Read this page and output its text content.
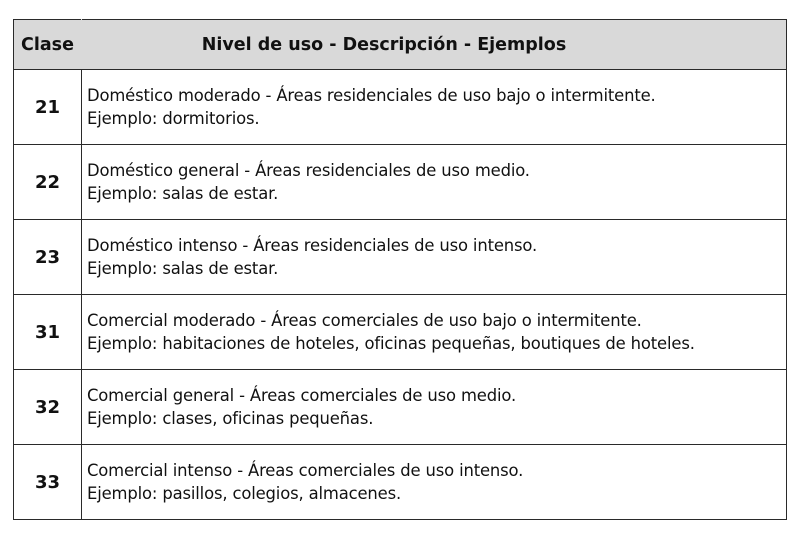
Clase	Nivel de uso - Descripción - Ejemplos
21	Doméstico moderado - Áreas residenciales de uso bajo o intermitente.
Ejemplo: dormitorios.

22	Doméstico general - Áreas residenciales de uso medio.
Ejemplo: salas de estar.

23	Doméstico intenso - Áreas residenciales de uso intenso.
Ejemplo: salas de estar.

31	Comercial moderado - Áreas comerciales de uso bajo o intermitente.
Ejemplo: habitaciones de hoteles, oficinas pequeñas, boutiques de hoteles.

32	Comercial general - Áreas comerciales de uso medio.
Ejemplo: clases, oficinas pequeñas.

33	Comercial intenso - Áreas comerciales de uso intenso.
Ejemplo: pasillos, colegios, almacenes.
